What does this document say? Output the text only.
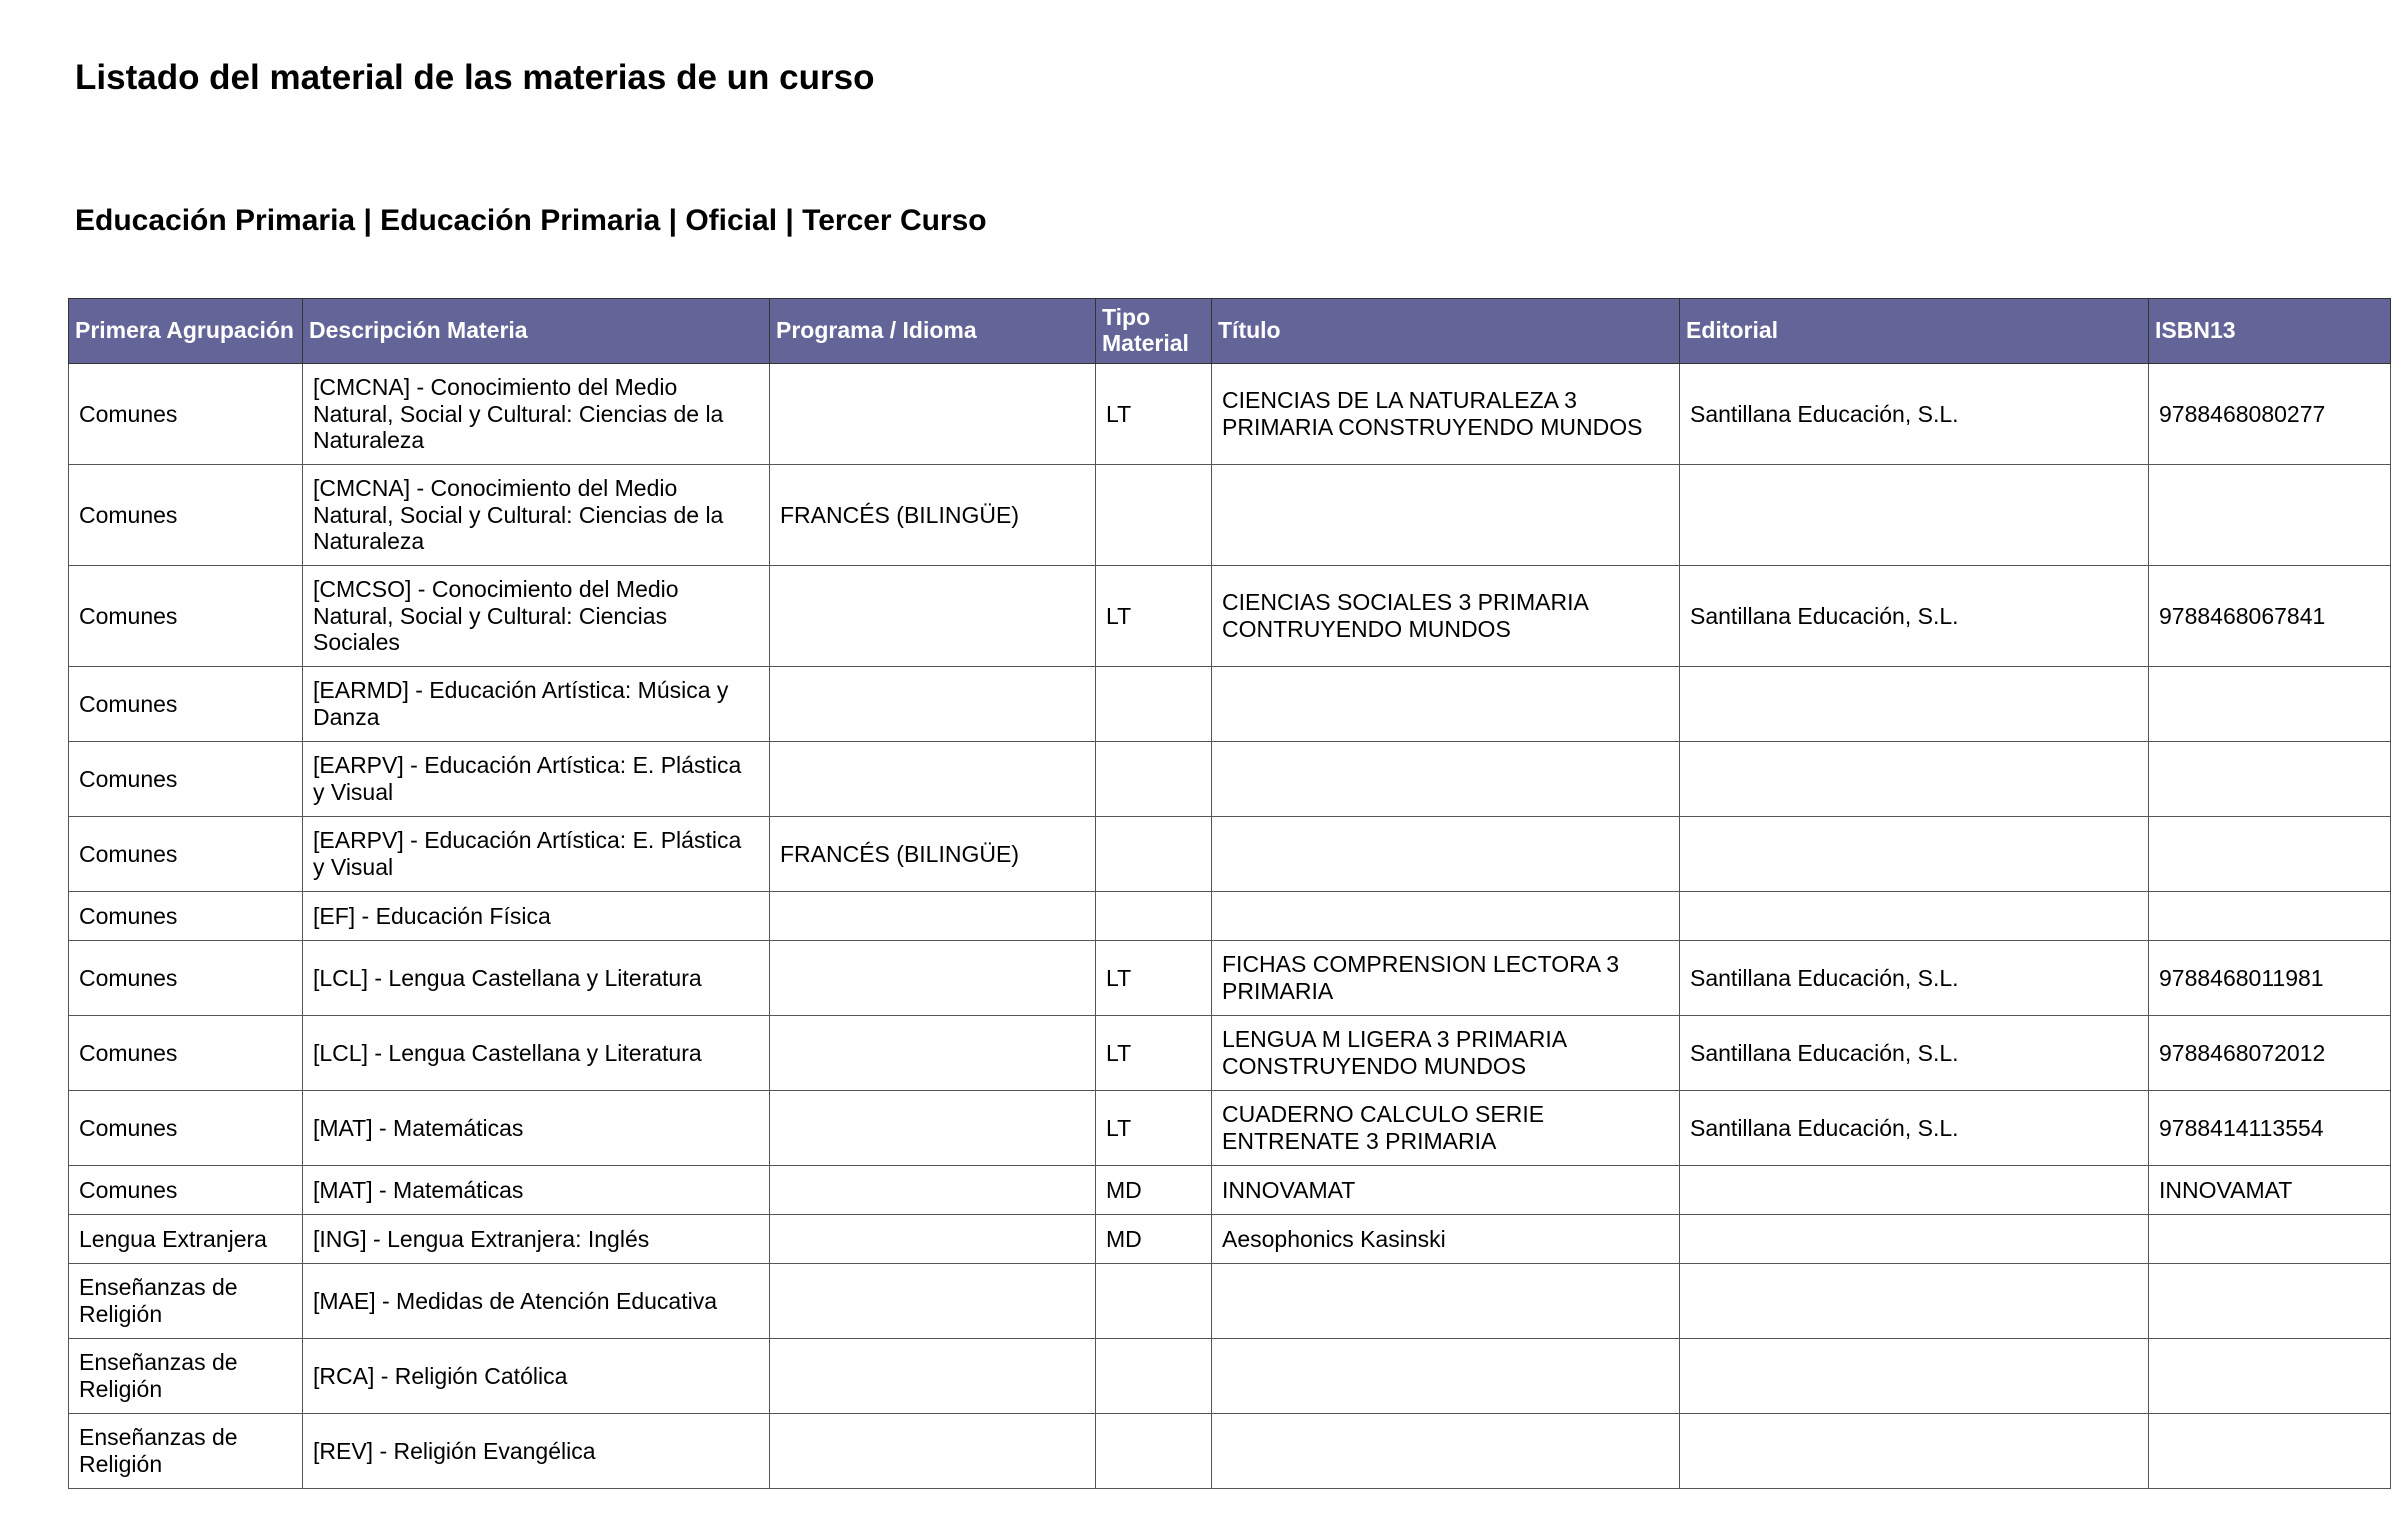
Listado del material de las materias de un curso
Educación Primaria | Educación Primaria | Oficial | Tercer Curso
Primera Agrupación	Descripción Materia	Programa / Idioma	Tipo Material	Título	Editorial	ISBN13
Comunes	[CMCNA] - Conocimiento del Medio Natural, Social y Cultural: Ciencias de la Naturaleza		LT	CIENCIAS DE LA NATURALEZA 3 PRIMARIA CONSTRUYENDO MUNDOS	Santillana Educación, S.L.	9788468080277
Comunes	[CMCNA] - Conocimiento del Medio Natural, Social y Cultural: Ciencias de la Naturaleza	FRANCÉS (BILINGÜE)				
Comunes	[CMCSO] - Conocimiento del Medio Natural, Social y Cultural: Ciencias Sociales		LT	CIENCIAS SOCIALES 3 PRIMARIA CONTRUYENDO MUNDOS	Santillana Educación, S.L.	9788468067841
Comunes	[EARMD] - Educación Artística: Música y Danza					
Comunes	[EARPV] - Educación Artística: E. Plástica y Visual					
Comunes	[EARPV] - Educación Artística: E. Plástica y Visual	FRANCÉS (BILINGÜE)				
Comunes	[EF] - Educación Física					
Comunes	[LCL] - Lengua Castellana y Literatura		LT	FICHAS COMPRENSION LECTORA 3 PRIMARIA	Santillana Educación, S.L.	9788468011981
Comunes	[LCL] - Lengua Castellana y Literatura		LT	LENGUA M LIGERA 3 PRIMARIA CONSTRUYENDO MUNDOS	Santillana Educación, S.L.	9788468072012
Comunes	[MAT] - Matemáticas		LT	CUADERNO CALCULO SERIE ENTRENATE 3 PRIMARIA	Santillana Educación, S.L.	9788414113554
Comunes	[MAT] - Matemáticas		MD	INNOVAMAT		INNOVAMAT
Lengua Extranjera	[ING] - Lengua Extranjera: Inglés		MD	Aesophonics Kasinski		
Enseñanzas de Religión	[MAE] - Medidas de Atención Educativa					
Enseñanzas de Religión	[RCA] - Religión Católica					
Enseñanzas de Religión	[REV] - Religión Evangélica					
